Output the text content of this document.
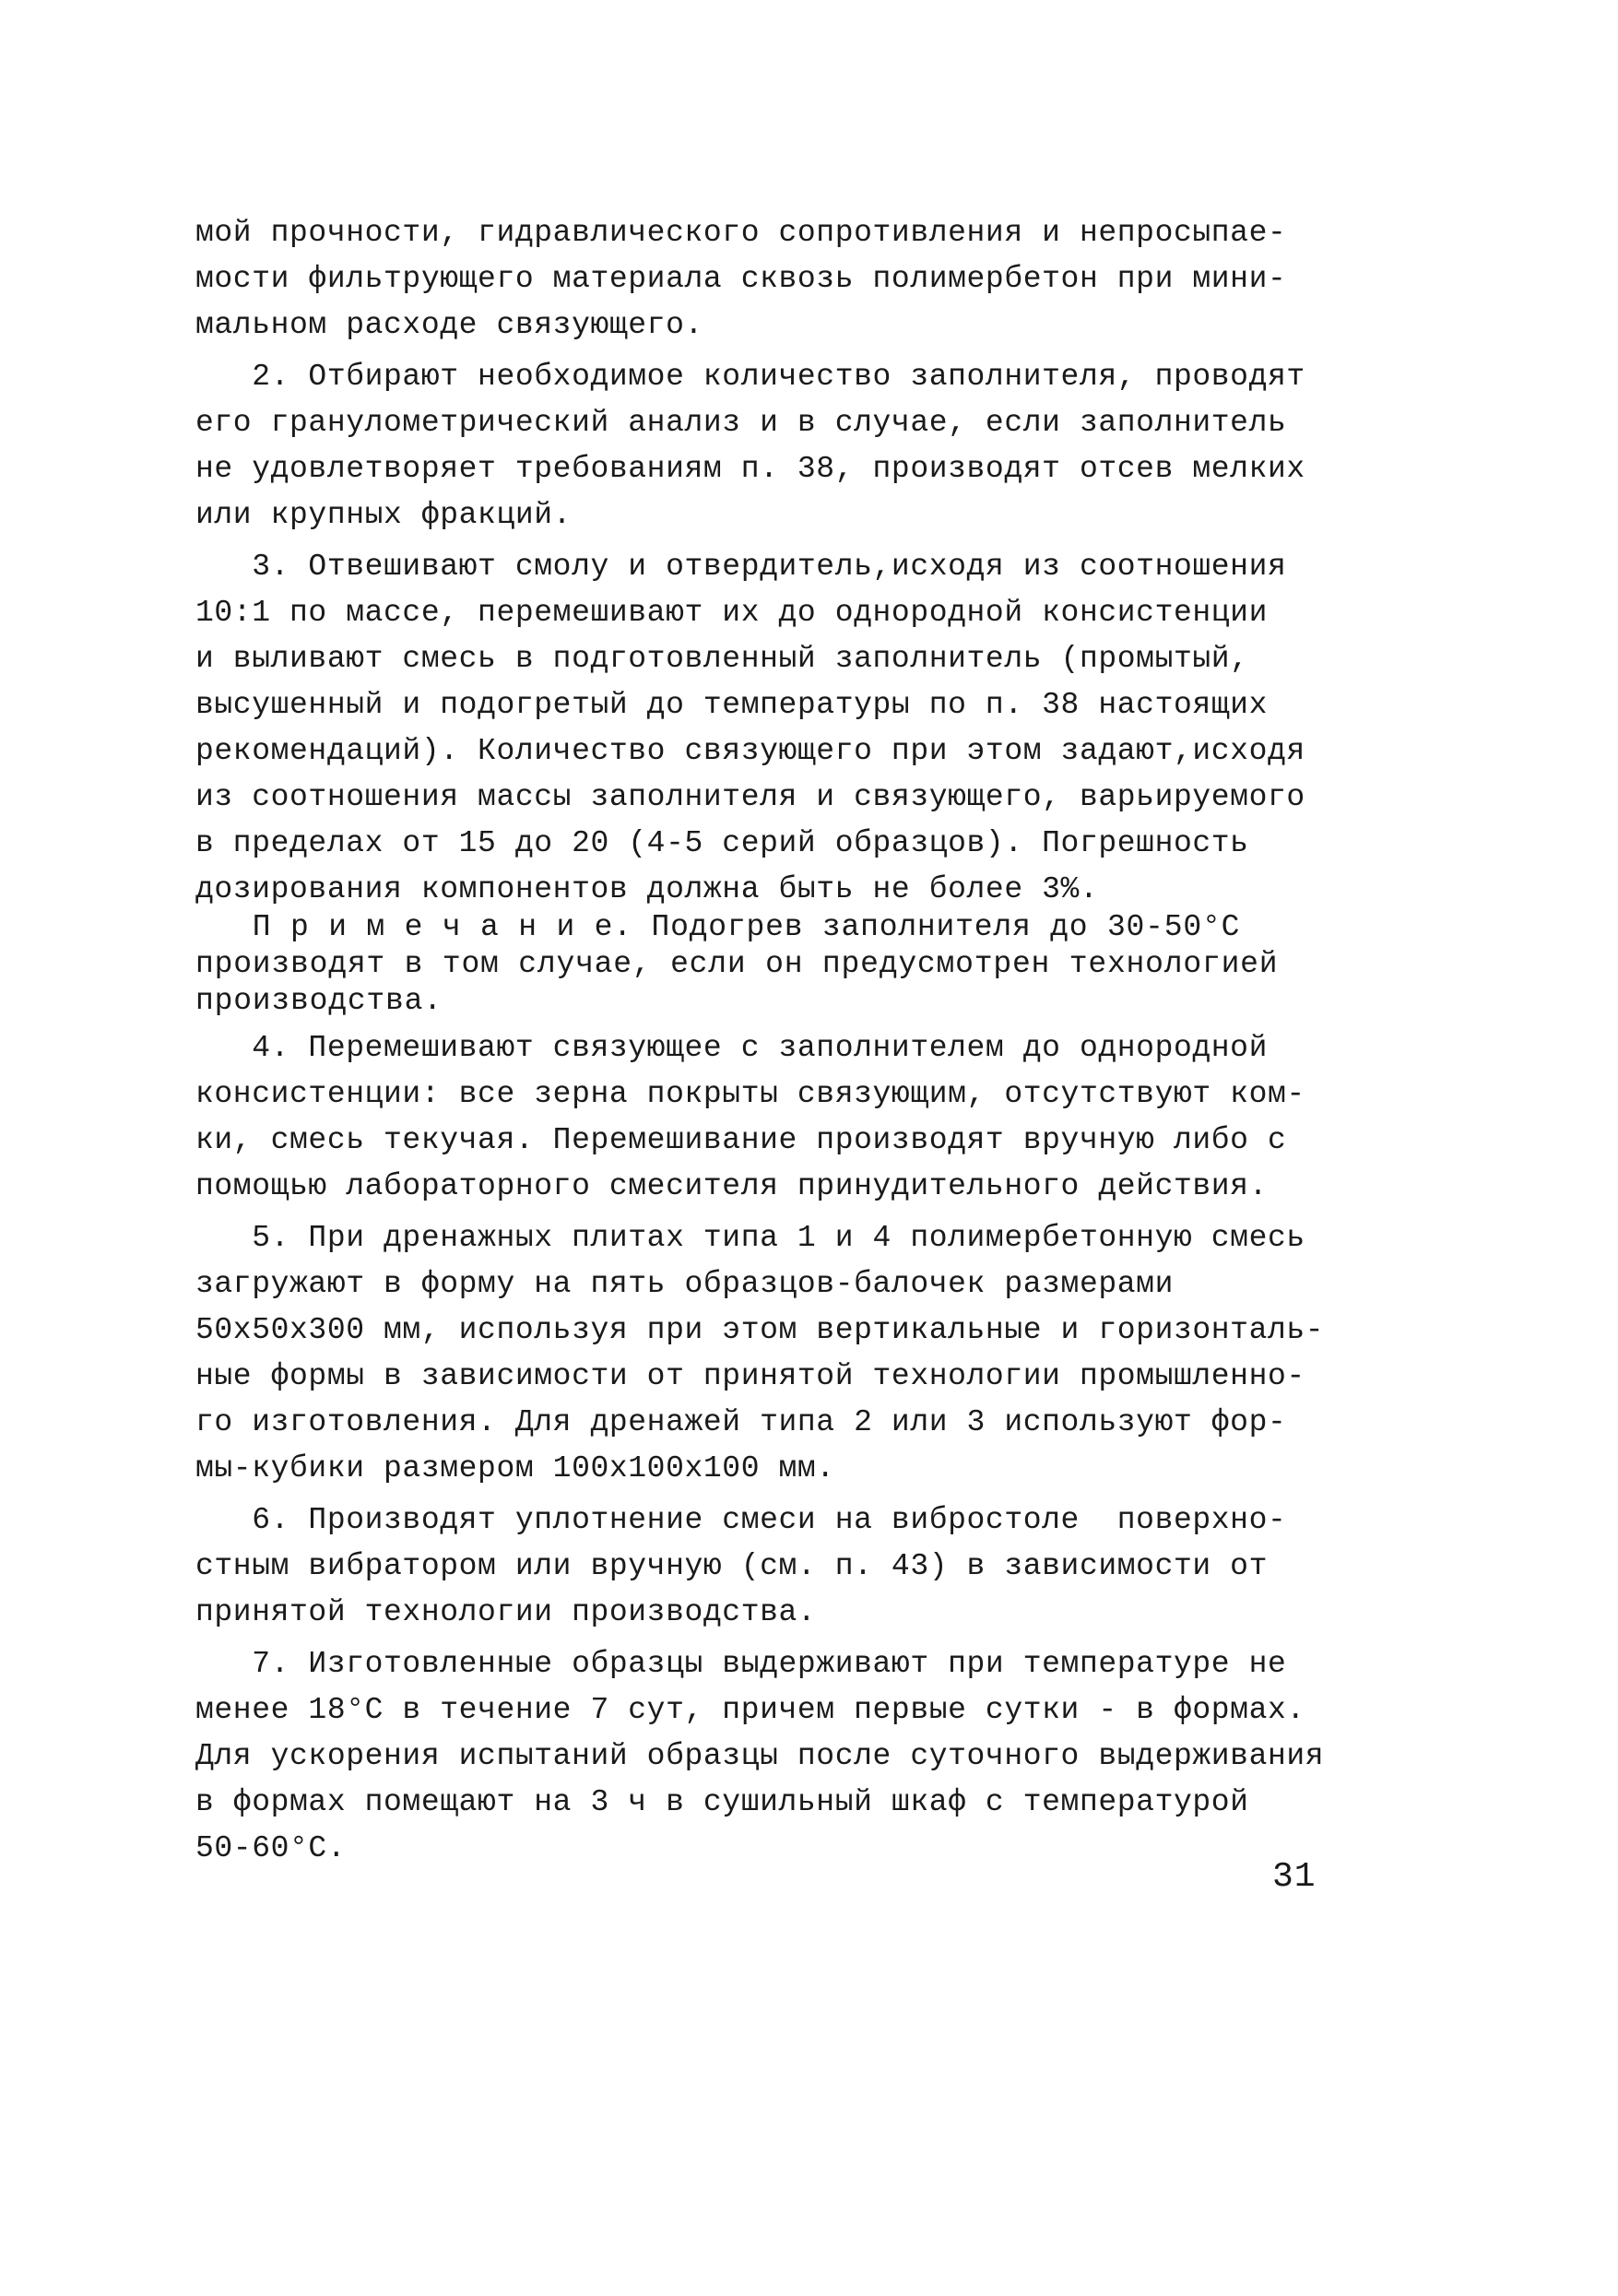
мой прочности, гидравлического сопротивления и непросыпае-
мости фильтрующего материала сквозь полимербетон при мини-
мальном расходе связующего.
2. Отбирают необходимое количество заполнителя, проводят
его гранулометрический анализ и в случае, если заполнитель
не удовлетворяет требованиям п. 38, производят отсев мелких
или крупных фракций.
3. Отвешивают смолу и отвердитель,исходя из соотношения
10:1 по массе, перемешивают их до однородной консистенции
и выливают смесь в подготовленный заполнитель (промытый,
высушенный и подогретый до температуры по п. 38 настоящих
рекомендаций). Количество связующего при этом задают,исходя
из соотношения массы заполнителя и связующего, варьируемого
в пределах от 15 до 20 (4-5 серий образцов). Погрешность
дозирования компонентов должна быть не более 3%.
П р и м е ч а н и е. Подогрев заполнителя до 30-50°С
производят в том случае, если он предусмотрен технологией
производства.
4. Перемешивают связующее с заполнителем до однородной
консистенции: все зерна покрыты связующим, отсутствуют ком-
ки, смесь текучая. Перемешивание производят вручную либо с
помощью лабораторного смесителя принудительного действия.
5. При дренажных плитах типа 1 и 4 полимербетонную смесь
загружают в форму на пять образцов-балочек размерами
50х50х300 мм, используя при этом вертикальные и горизонталь-
ные формы в зависимости от принятой технологии промышленно-
го изготовления. Для дренажей типа 2 или 3 используют фор-
мы-кубики размером 100х100х100 мм.
6. Производят уплотнение смеси на вибростоле  поверхно-
стным вибратором или вручную (см. п. 43) в зависимости от
принятой технологии производства.
7. Изготовленные образцы выдерживают при температуре не
менее 18°С в течение 7 сут, причем первые сутки - в формах.
Для ускорения испытаний образцы после суточного выдерживания
в формах помещают на 3 ч в сушильный шкаф с температурой
50-60°С.
31
